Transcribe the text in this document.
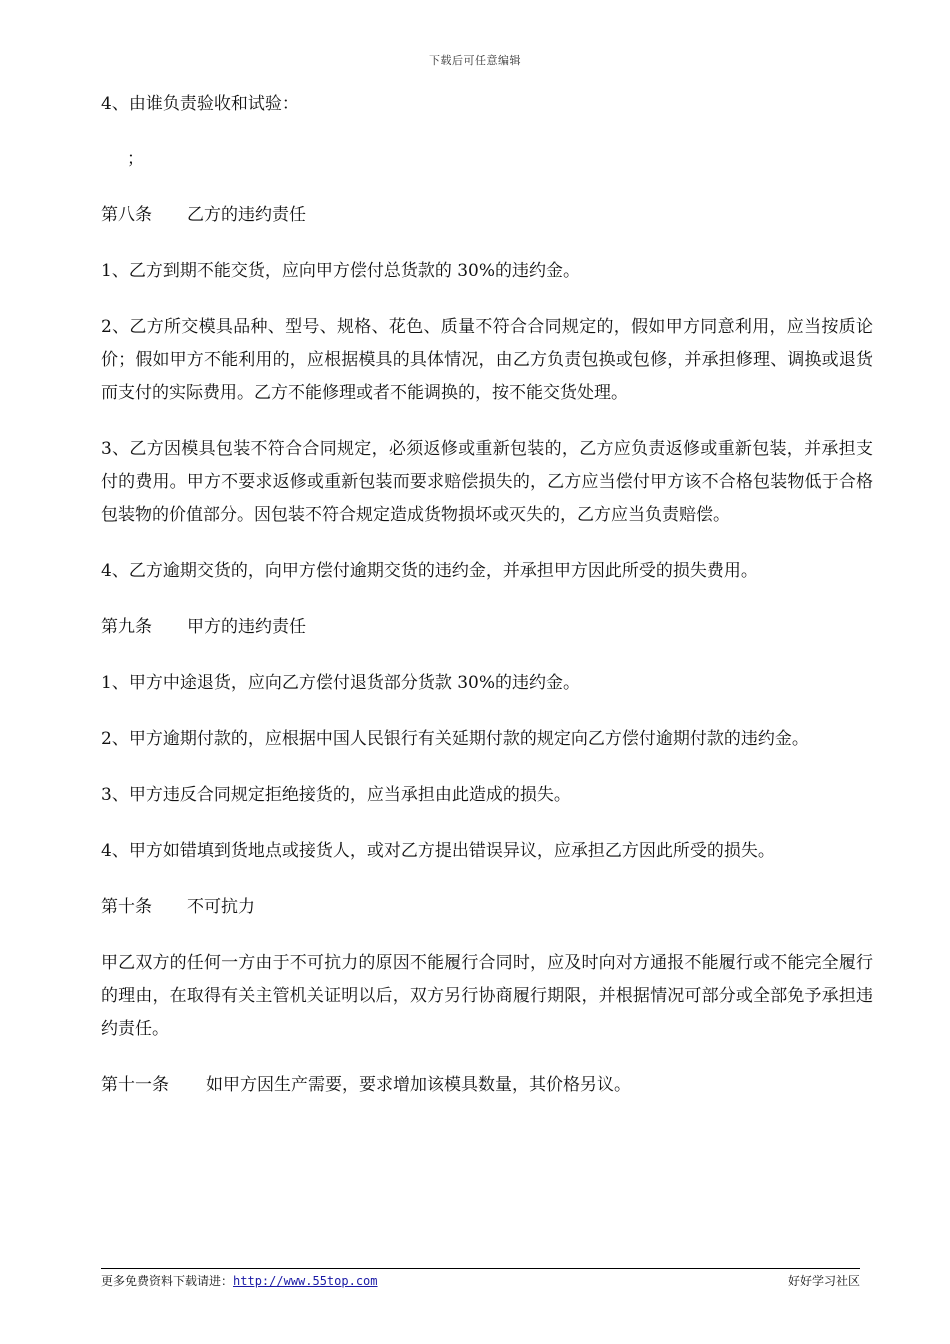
下载后可任意编辑

4、由谁负责验收和试验：

；

第八条 乙方的违约责任

1、乙方到期不能交货，应向甲方偿付总货款的 30%的违约金。

2、乙方所交模具品种、型号、规格、花色、质量不符合合同规定的，假如甲方同意利用，应当按质论价；假如甲方不能利用的，应根据模具的具体情况，由乙方负责包换或包修，并承担修理、调换或退货而支付的实际费用。乙方不能修理或者不能调换的，按不能交货处理。

3、乙方因模具包装不符合合同规定，必须返修或重新包装的，乙方应负责返修或重新包装，并承担支付的费用。甲方不要求返修或重新包装而要求赔偿损失的，乙方应当偿付甲方该不合格包装物低于合格包装物的价值部分。因包装不符合规定造成货物损坏或灭失的，乙方应当负责赔偿。

4、乙方逾期交货的，向甲方偿付逾期交货的违约金，并承担甲方因此所受的损失费用。

第九条 甲方的违约责任

1、甲方中途退货，应向乙方偿付退货部分货款 30%的违约金。

2、甲方逾期付款的，应根据中国人民银行有关延期付款的规定向乙方偿付逾期付款的违约金。

3、甲方违反合同规定拒绝接货的，应当承担由此造成的损失。

4、甲方如错填到货地点或接货人，或对乙方提出错误异议，应承担乙方因此所受的损失。

第十条 不可抗力

甲乙双方的任何一方由于不可抗力的原因不能履行合同时，应及时向对方通报不能履行或不能完全履行的理由，在取得有关主管机关证明以后，双方另行协商履行期限，并根据情况可部分或全部免予承担违约责任。

第十一条 如甲方因生产需要，要求增加该模具数量，其价格另议。

更多免费资料下载请进：http://www.55top.com	好好学习社区
